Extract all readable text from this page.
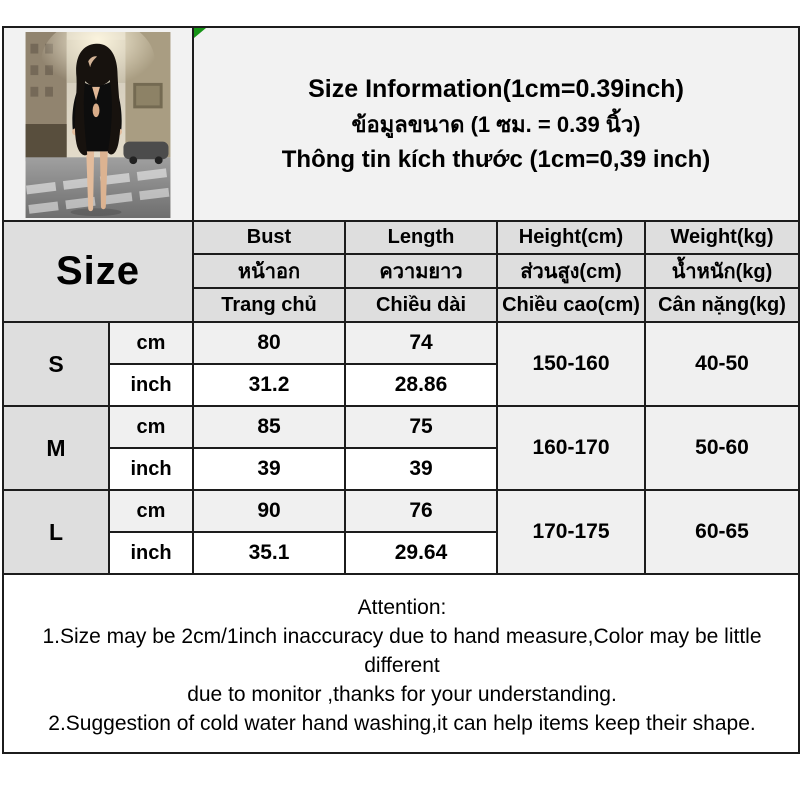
Size Information(1cm=0.39inch)
ข้อมูลขนาด (1 ซม. = 0.39 นิ้ว)
Thông tin kích thước (1cm=0,39 inch)			

Size		Bust	Length	Height(cm)	Weight(kg)
		หน้าอก	ความยาว	ส่วนสูง(cm)	น้ำหนัก(kg)
		Trang chủ	Chiều dài	Chiều cao(cm)	Cân nặng(kg)
S	cm	80	74	150-160	40-50
	inch	31.2	28.86		
M	cm	85	75	160-170	50-60
	inch	39	39		
L	cm	90	76	170-175	60-65
	inch	35.1	29.64		

Attention:
1.Size may be 2cm/1inch inaccuracy due to hand measure,Color may be little different
due to monitor ,thanks for your understanding.
2.Suggestion of cold water hand washing,it can help items keep their shape.					
